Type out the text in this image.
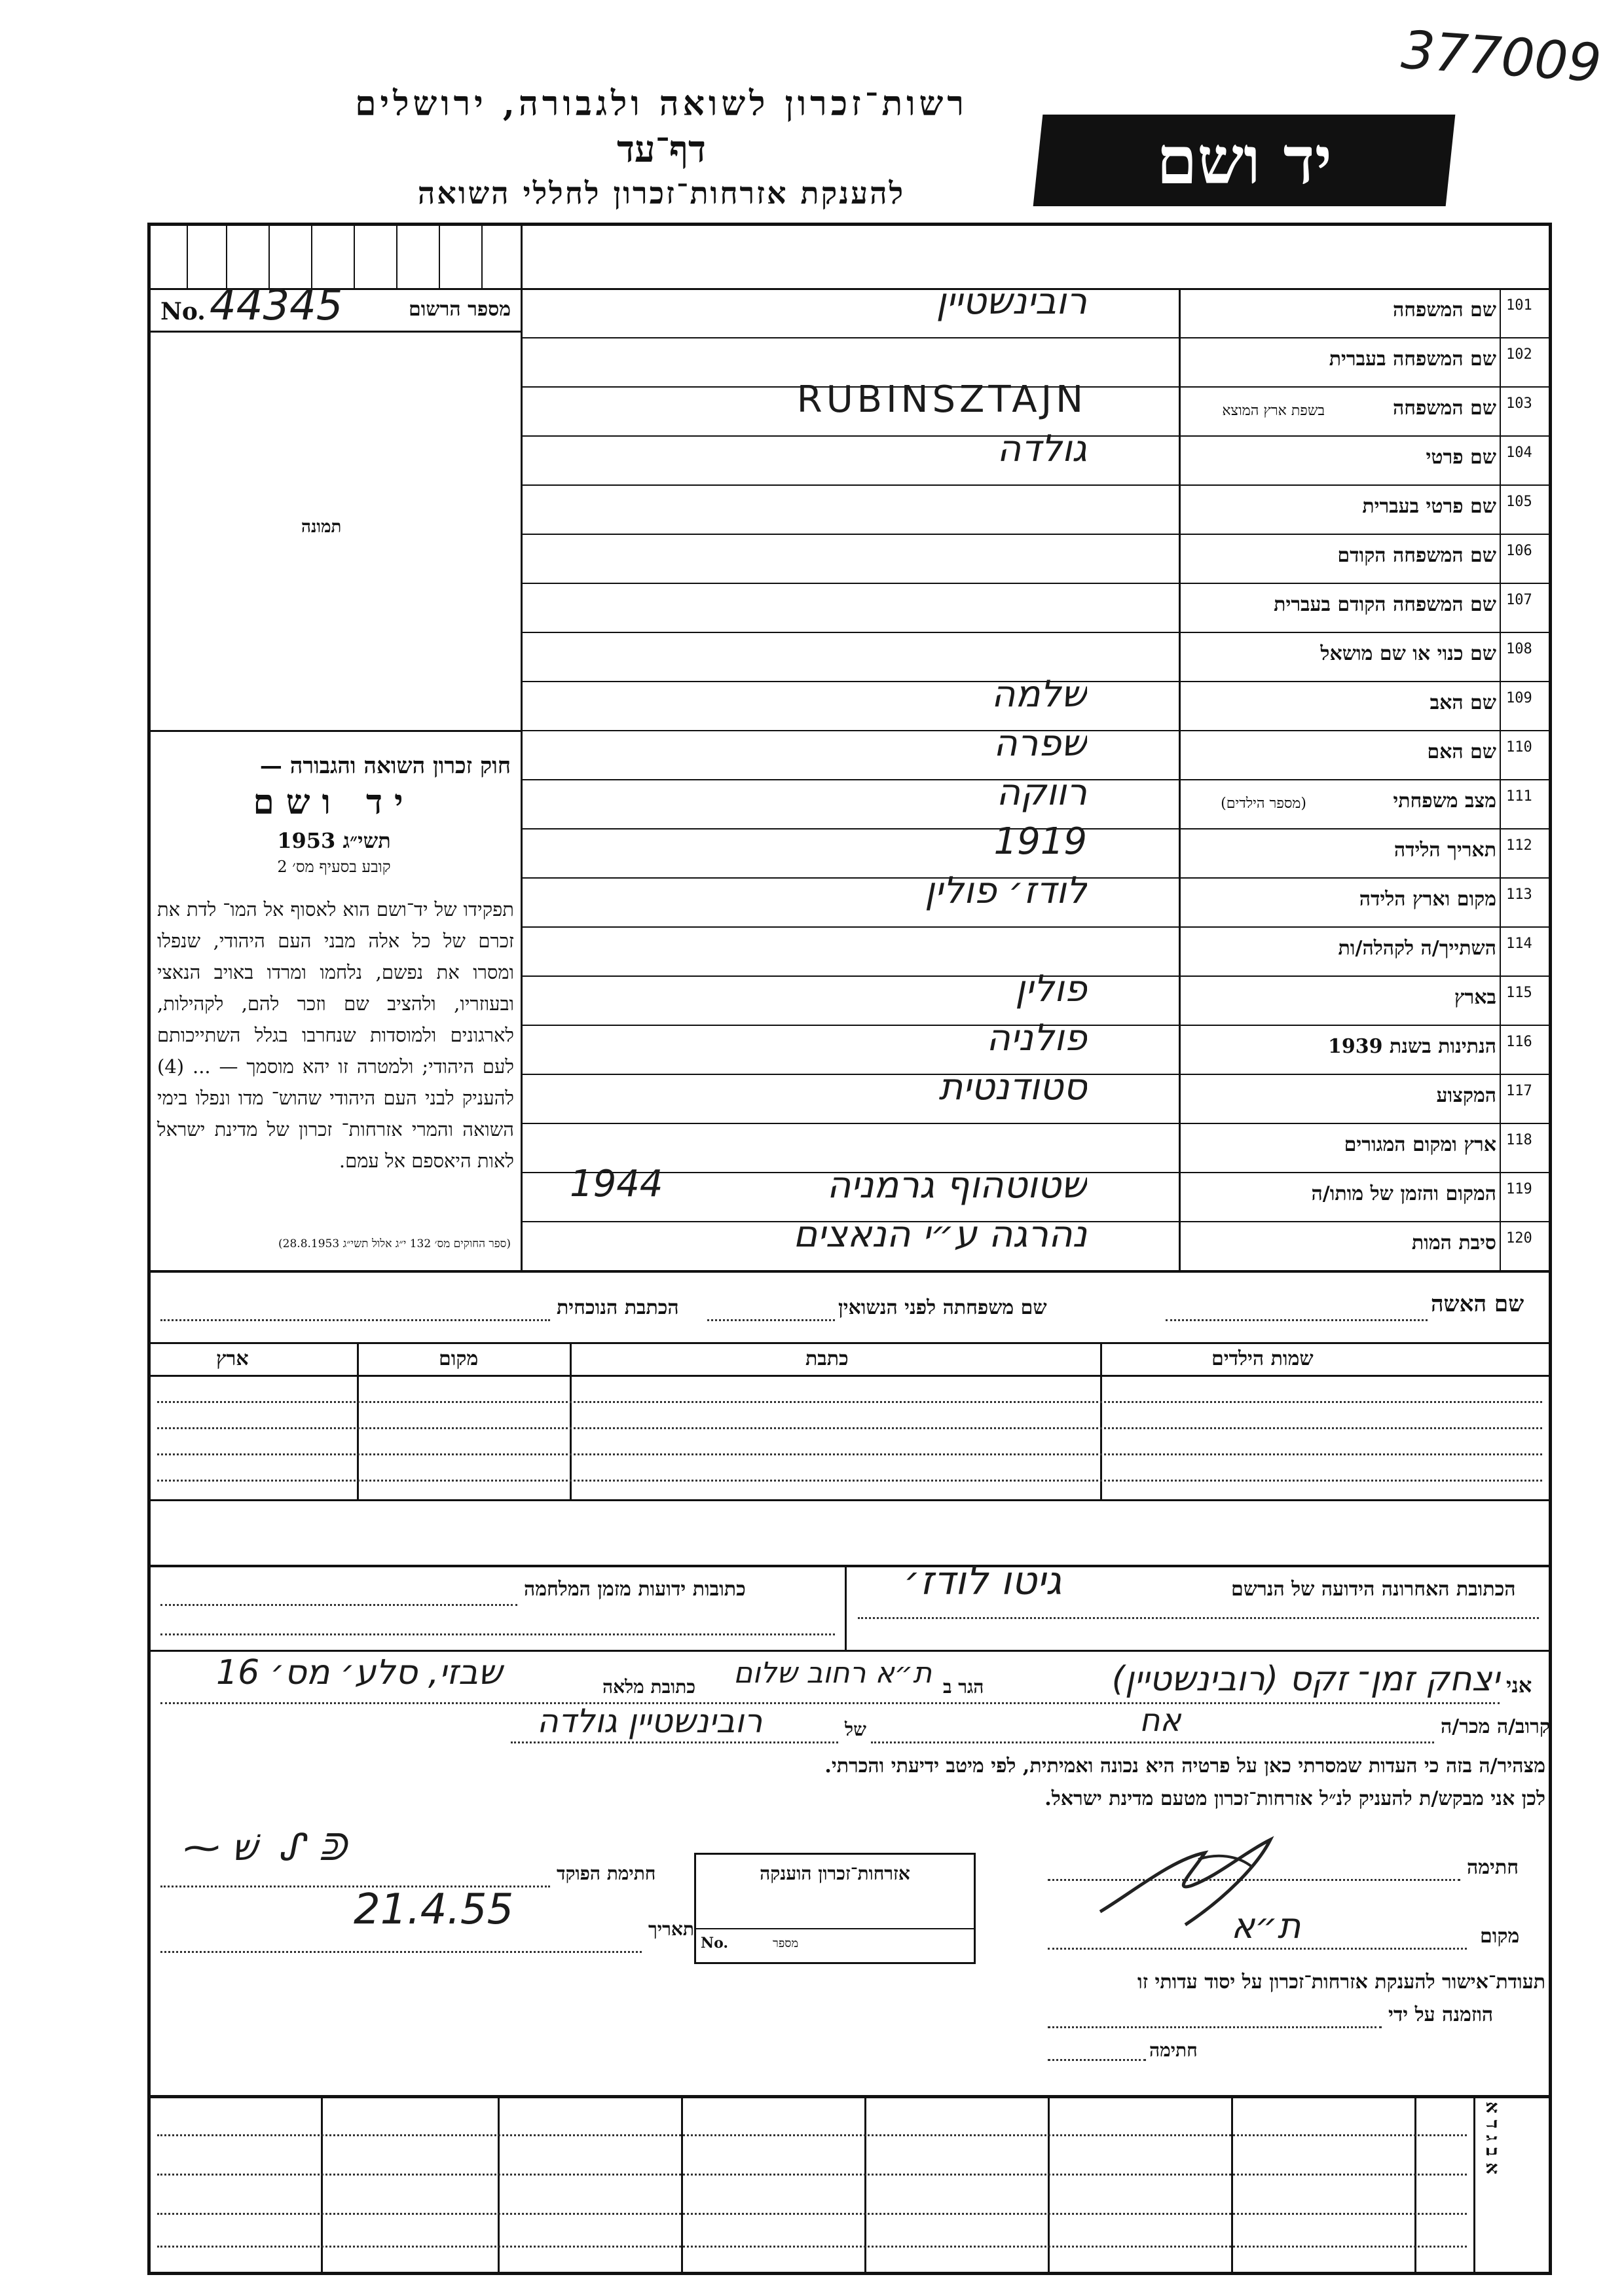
377009
רשות־זכרון לשואה ולגבורה, ירושלים
דף־עד
להענקת אזרחות־זכרון לחללי השואה	יד ושם
No. 44345	מספר הרשום
תמונה
חוק זכרון השואה והגבורה —
יד ושם
תשי״ג 1953
קובע בסעיף מס׳ 2
תפקידו של יד־ושם הוא לאסוף אל המו־ לדת את זכרם של כל אלה מבני העם היהודי, שנפלו ומסרו את נפשם, נלחמו ומרדו באויב הנאצי ובעוזריו, ולהציב שם וזכר להם, לקהילות, לארגונים ולמוסדות שנחרבו בגלל השתייכותם לעם היהודי; ולמטרה זו יהא מוסמך — ... (4) להעניק לבני העם היהודי שהוש־ מדו ונפלו בימי השואה והמרי אזרחות־ זכרון של מדינת ישראל לאות היאספם אל עמם.
(ספר החוקים מס׳ 132 י״ג אלול תשי״ג 28.8.1953)
101
שם המשפחה
רובינשטיין
102
שם המשפחה בעברית
103
שם המשפחה
בשפת ארץ המוצא
RUBINSZTAJN
104
שם פרטי
גולדה
105
שם פרטי בעברית
106
שם המשפחה הקודם
107
שם המשפחה הקודם בעברית
108
שם כנוי או שם מושאל
109
שם האב
שלמה
110
שם האם
שפרה
111
מצב משפחתי
(מספר הילדים)
רווקה
112
תאריך הלידה
1919
113
מקום וארץ הלידה
לודז׳ פולין
114
השתייך/ה לקהלה/ות
115
בארץ
פולין
116
הנתינות בשנת 1939
פולניה
117
המקצוע
סטודנטית
118
ארץ ומקום המגורים
119
המקום והזמן של מותו/ה
שטוטהוף גרמניה
1944
120
סיבת המות
נהרגה ע״י הנאצים
שם האשה
שם משפחתה לפני הנשואין
הכתבת הנוכחית
שמות הילדים
כתבת
מקום
ארץ
הכתובת האחרונה הידועה של הנרשם
גיטו לודז׳
כתובות ידועות מזמן המלחמה
אני
יצחק זמן־ זקס (רובינשטיין)
הגר ב
ת״א רחוב שלום
כתובת מלאה
שבזי, סלע׳ מס׳ 16
קרוב/ה מכר/ה
אח
של
רובינשטיין גולדה
מצהיר/ה בזה כי העדות שמסרתי כאן על פרטיה היא נכונה ואמיתית, לפי מיטב ידיעתי והכרתי.
לכן אני מבקש/ת להעניק לנ״ל אזרחות־זכרון מטעם מדינת ישראל.
חתימה
מקום
ת״א
חתימת הפוקד
⁓ שׁ  ᔑ ᕲ
תאריך
21.4.55
אזרחות־זכרון הוענקה
No.	מספר
תעודת־אישור להענקת אזרחות־זכרון על יסוד עדותי זו
הוזמנה על ידי
חתימה
א ב ג ד א
